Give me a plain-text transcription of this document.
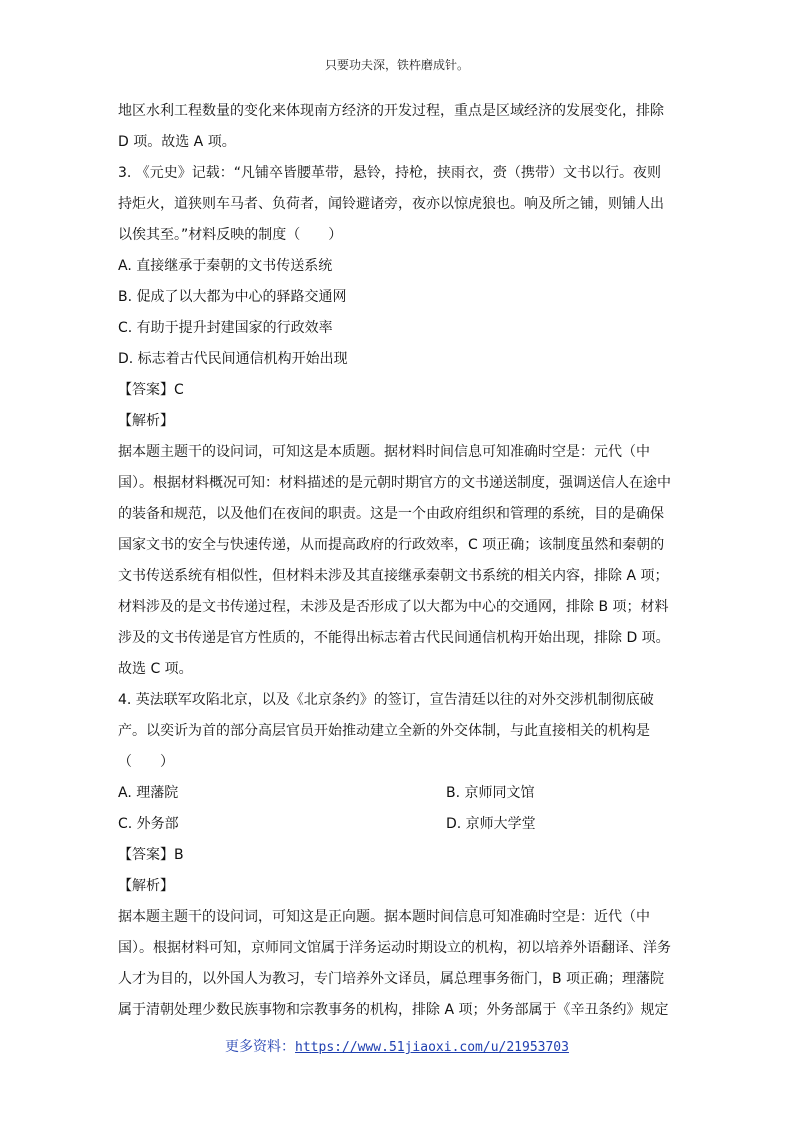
只要功夫深，铁杵磨成针。
地区水利工程数量的变化来体现南方经济的开发过程，重点是区域经济的发展变化，排除
D 项。故选 A 项。
3. 《元史》记载：“凡铺卒皆腰革带，悬铃，持枪，挟雨衣，赍（携带）文书以行。夜则
持炬火，道狭则车马者、负荷者，闻铃避诸旁，夜亦以惊虎狼也。响及所之铺，则铺人出
以俟其至。”材料反映的制度（　　）
A. 直接继承于秦朝的文书传送系统
B. 促成了以大都为中心的驿路交通网
C. 有助于提升封建国家的行政效率
D. 标志着古代民间通信机构开始出现
【答案】C
【解析】
据本题主题干的设问词，可知这是本质题。据材料时间信息可知准确时空是：元代（中
国）。根据材料概况可知：材料描述的是元朝时期官方的文书递送制度，强调送信人在途中
的装备和规范，以及他们在夜间的职责。这是一个由政府组织和管理的系统，目的是确保
国家文书的安全与快速传递，从而提高政府的行政效率，C 项正确；该制度虽然和秦朝的
文书传送系统有相似性，但材料未涉及其直接继承秦朝文书系统的相关内容，排除 A 项；
材料涉及的是文书传递过程，未涉及是否形成了以大都为中心的交通网，排除 B 项；材料
涉及的文书传递是官方性质的，不能得出标志着古代民间通信机构开始出现，排除 D 项。
故选 C 项。
4. 英法联军攻陷北京，以及《北京条约》的签订，宣告清廷以往的对外交涉机制彻底破
产。以奕䜣为首的部分高层官员开始推动建立全新的外交体制，与此直接相关的机构是
（　　）
A. 理藩院	B. 京师同文馆
C. 外务部	D. 京师大学堂
【答案】B
【解析】
据本题主题干的设问词，可知这是正向题。据本题时间信息可知准确时空是：近代（中
国）。根据材料可知，京师同文馆属于洋务运动时期设立的机构，初以培养外语翻译、洋务
人才为目的，以外国人为教习，专门培养外文译员，属总理事务衙门，B 项正确；理藩院
属于清朝处理少数民族事物和宗教事务的机构，排除 A 项；外务部属于《辛丑条约》规定
更多资料：https://www.51jiaoxi.com/u/21953703
